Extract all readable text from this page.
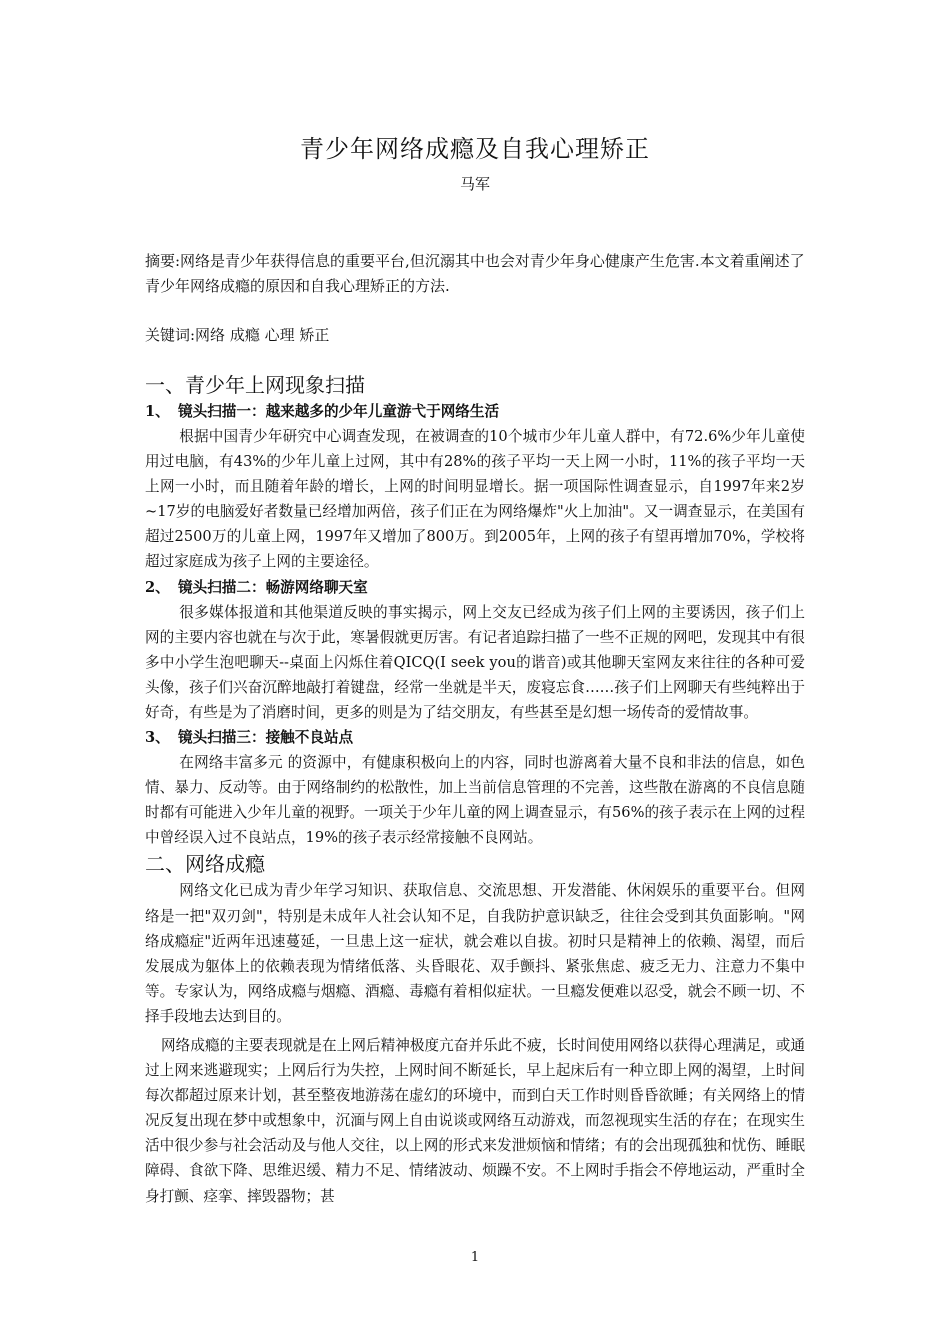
青少年网络成瘾及自我心理矫正
马军
摘要:网络是青少年获得信息的重要平台,但沉溺其中也会对青少年身心健康产生危害.本文着重阐述了青少年网络成瘾的原因和自我心理矫正的方法.
关键词:网络 成瘾 心理 矫正
一、青少年上网现象扫描
1、 镜头扫描一：越来越多的少年儿童游弋于网络生活

根据中国青少年研究中心调查发现，在被调查的10个城市少年儿童人群中，有72.6%少年儿童使用过电脑，有43%的少年儿童上过网，其中有28%的孩子平均一天上网一小时，11%的孩子平均一天上网一小时，而且随着年龄的增长，上网的时间明显增长。据一项国际性调查显示，自1997年来2岁~17岁的电脑爱好者数量已经增加两倍，孩子们正在为网络爆炸"火上加油"。又一调查显示，在美国有超过2500万的儿童上网，1997年又增加了800万。到2005年，上网的孩子有望再增加70%，学校将超过家庭成为孩子上网的主要途径。

2、 镜头扫描二：畅游网络聊天室

很多媒体报道和其他渠道反映的事实揭示，网上交友已经成为孩子们上网的主要诱因，孩子们上网的主要内容也就在与次于此，寒暑假就更厉害。有记者追踪扫描了一些不正规的网吧，发现其中有很多中小学生泡吧聊天--桌面上闪烁住着QICQ(I seek you的谐音)或其他聊天室网友来往往的各种可爱头像，孩子们兴奋沉醉地敲打着键盘，经常一坐就是半天，废寝忘食……孩子们上网聊天有些纯粹出于好奇，有些是为了消磨时间，更多的则是为了结交朋友，有些甚至是幻想一场传奇的爱情故事。

3、 镜头扫描三：接触不良站点

在网络丰富多元 的资源中，有健康积极向上的内容，同时也游离着大量不良和非法的信息，如色情、暴力、反动等。由于网络制约的松散性，加上当前信息管理的不完善，这些散在游离的不良信息随时都有可能进入少年儿童的视野。一项关于少年儿童的网上调查显示，有56%的孩子表示在上网的过程中曾经误入过不良站点，19%的孩子表示经常接触不良网站。

二、网络成瘾

网络文化已成为青少年学习知识、获取信息、交流思想、开发潜能、休闲娱乐的重要平台。但网络是一把"双刃剑"，特别是未成年人社会认知不足，自我防护意识缺乏，往往会受到其负面影响。"网络成瘾症"近两年迅速蔓延，一旦患上这一症状，就会难以自拔。初时只是精神上的依赖、渴望，而后发展成为躯体上的依赖表现为情绪低落、头昏眼花、双手颤抖、紧张焦虑、疲乏无力、注意力不集中等。专家认为，网络成瘾与烟瘾、酒瘾、毒瘾有着相似症状。一旦瘾发便难以忍受，就会不顾一切、不择手段地去达到目的。

网络成瘾的主要表现就是在上网后精神极度亢奋并乐此不疲，长时间使用网络以获得心理满足，或通过上网来逃避现实；上网后行为失控，上网时间不断延长，早上起床后有一种立即上网的渴望，上时间每次都超过原来计划，甚至整夜地游荡在虚幻的环境中，而到白天工作时则昏昏欲睡；有关网络上的情况反复出现在梦中或想象中，沉湎与网上自由说谈或网络互动游戏，而忽视现实生活的存在；在现实生活中很少参与社会活动及与他人交往，以上网的形式来发泄烦恼和情绪；有的会出现孤独和忧伤、睡眠障碍、食欲下降、思维迟缓、精力不足、情绪波动、烦躁不安。不上网时手指会不停地运动，严重时全身打颤、痉挛、摔毁器物；甚

1
